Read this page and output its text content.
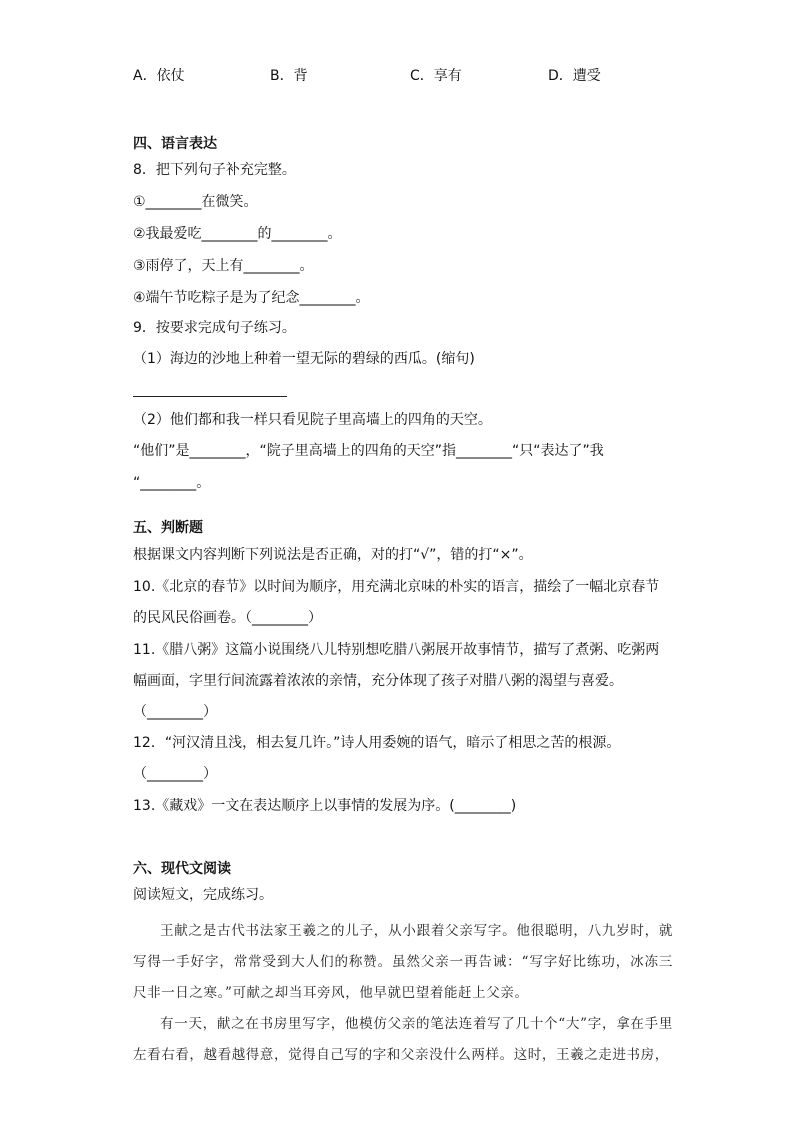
A．依仗	B．背	C．享有	D．遭受
四、语言表达
8．把下列句子补充完整。
①________在微笑。
②我最爱吃________的________。
③雨停了，天上有________。
④端午节吃粽子是为了纪念________。
9．按要求完成句子练习。
（1）海边的沙地上种着一望无际的碧绿的西瓜。(缩句)
（2）他们都和我一样只看见院子里高墙上的四角的天空。
“他们”是________，“院子里高墙上的四角的天空”指________“只“表达了”我
“________。
五、判断题
根据课文内容判断下列说法是否正确，对的打“√”，错的打“×”。
10.《北京的春节》以时间为顺序，用充满北京味的朴实的语言，描绘了一幅北京春节
的民风民俗画卷。（________）
11.《腊八粥》这篇小说围绕八儿特别想吃腊八粥展开故事情节，描写了煮粥、吃粥两
幅画面，字里行间流露着浓浓的亲情，充分体现了孩子对腊八粥的渴望与喜爱。
（________）
12．“河汉清且浅，相去复几许。”诗人用委婉的语气，暗示了相思之苦的根源。
（________）
13.《藏戏》一文在表达顺序上以事情的发展为序。(________)
六、现代文阅读
阅读短文，完成练习。

王献之是古代书法家王羲之的儿子，从小跟着父亲写字。他很聪明，八九岁时，就写得一手好字，常常受到大人们的称赞。虽然父亲一再告诫：“写字好比练功，冰冻三尺非一日之寒。”可献之却当耳旁风，他早就巴望着能赶上父亲。

有一天，献之在书房里写字，他模仿父亲的笔法连着写了几十个“大”字，拿在手里左看右看，越看越得意，觉得自己写的字和父亲没什么两样。这时，王羲之走进书房，
